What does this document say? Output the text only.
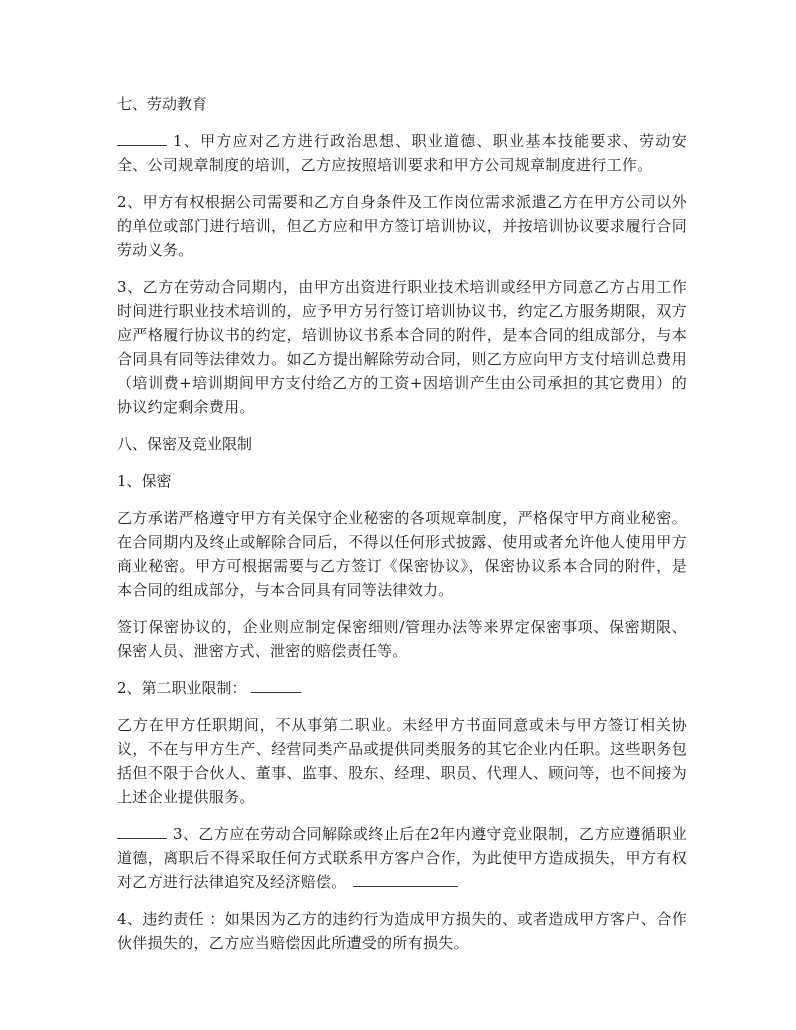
七、劳动教育

1、甲方应对乙方进行政治思想、职业道德、职业基本技能要求、劳动安全、公司规章制度的培训，乙方应按照培训要求和甲方公司规章制度进行工作。

2、甲方有权根据公司需要和乙方自身条件及工作岗位需求派遣乙方在甲方公司以外的单位或部门进行培训，但乙方应和甲方签订培训协议，并按培训协议要求履行合同劳动义务。

3、乙方在劳动合同期内，由甲方出资进行职业技术培训或经甲方同意乙方占用工作时间进行职业技术培训的，应予甲方另行签订培训协议书，约定乙方服务期限，双方应严格履行协议书的约定，培训协议书系本合同的附件，是本合同的组成部分，与本合同具有同等法律效力。如乙方提出解除劳动合同，则乙方应向甲方支付培训总费用（培训费+培训期间甲方支付给乙方的工资+因培训产生由公司承担的其它费用）的协议约定剩余费用。

八、保密及竞业限制
1、保密

乙方承诺严格遵守甲方有关保守企业秘密的各项规章制度，严格保守甲方商业秘密。在合同期内及终止或解除合同后，不得以任何形式披露、使用或者允许他人使用甲方商业秘密。甲方可根据需要与乙方签订《保密协议》，保密协议系本合同的附件，是本合同的组成部分，与本合同具有同等法律效力。

签订保密协议的，企业则应制定保密细则/管理办法等来界定保密事项、保密期限、保密人员、泄密方式、泄密的赔偿责任等。

2、第二职业限制：

乙方在甲方任职期间，不从事第二职业。未经甲方书面同意或未与甲方签订相关协议，不在与甲方生产、经营同类产品或提供同类服务的其它企业内任职。这些职务包括但不限于合伙人、董事、监事、股东、经理、职员、代理人、顾问等，也不间接为上述企业提供服务。

3、乙方应在劳动合同解除或终止后在2年内遵守竞业限制，乙方应遵循职业道德，离职后不得采取任何方式联系甲方客户合作，为此使甲方造成损失，甲方有权对乙方进行法律追究及经济赔偿。

4、违约责任 ：如果因为乙方的违约行为造成甲方损失的、或者造成甲方客户、合作伙伴损失的，乙方应当赔偿因此所遭受的所有损失。
